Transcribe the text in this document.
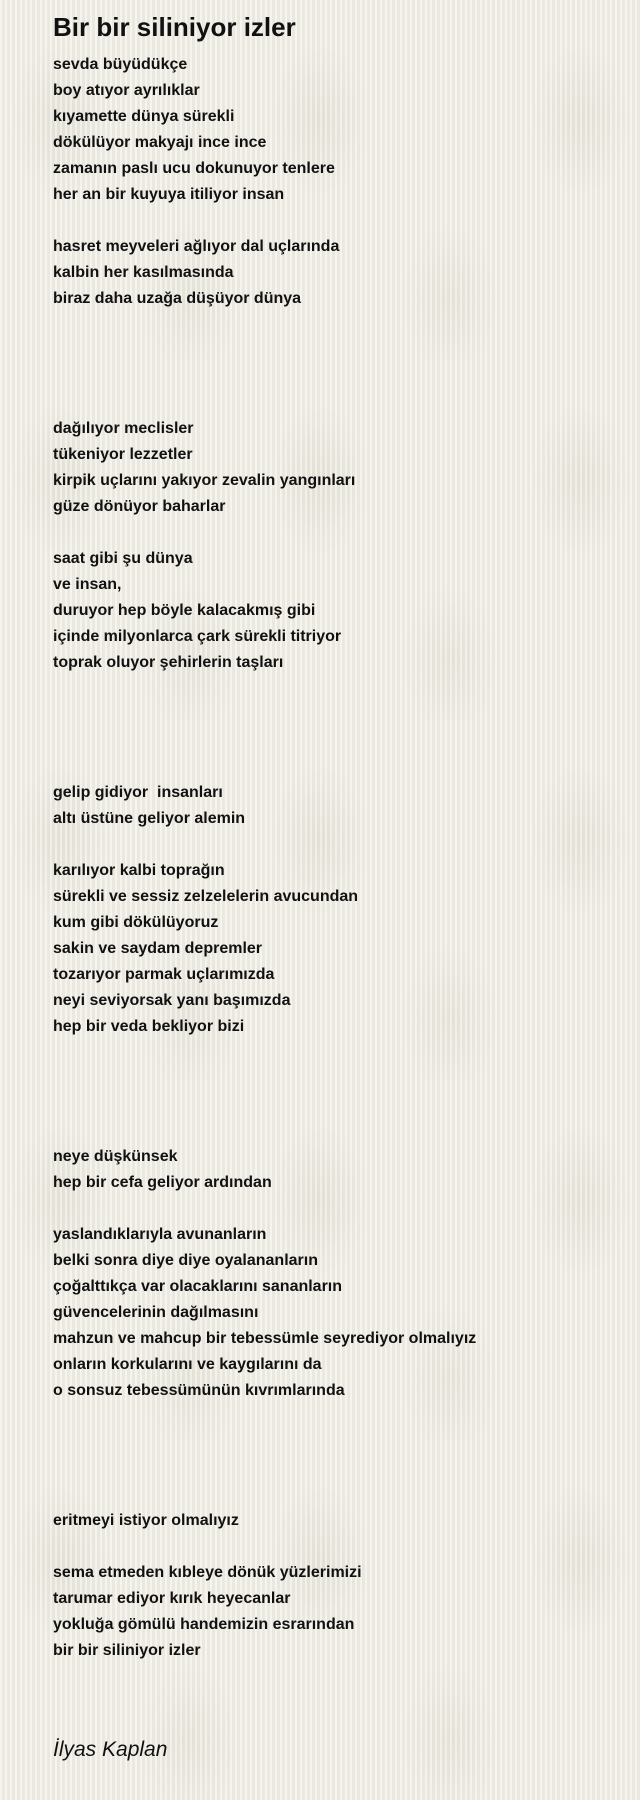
Bir bir siliniyor izler
sevda büyüdükçe
boy atıyor ayrılıklar
kıyamette dünya sürekli
dökülüyor makyajı ince ince
zamanın paslı ucu dokunuyor tenlere
her an bir kuyuya itiliyor insan
hasret meyveleri ağlıyor dal uçlarında
kalbin her kasılmasında
biraz daha uzağa düşüyor dünya
dağılıyor meclisler
tükeniyor lezzetler
kirpik uçlarını yakıyor zevalin yangınları
güze dönüyor baharlar
saat gibi şu dünya
ve insan,
duruyor hep böyle kalacakmış gibi
içinde milyonlarca çark sürekli titriyor
toprak oluyor şehirlerin taşları
gelip gidiyor  insanları
altı üstüne geliyor alemin
karılıyor kalbi toprağın
sürekli ve sessiz zelzelelerin avucundan
kum gibi dökülüyoruz
sakin ve saydam depremler
tozarıyor parmak uçlarımızda
neyi seviyorsak yanı başımızda
hep bir veda bekliyor bizi
neye düşkünsek
hep bir cefa geliyor ardından
yaslandıklarıyla avunanların
belki sonra diye diye oyalananların
çoğalttıkça var olacaklarını sananların
güvencelerinin dağılmasını
mahzun ve mahcup bir tebessümle seyrediyor olmalıyız
onların korkularını ve kaygılarını da
o sonsuz tebessümünün kıvrımlarında
eritmeyi istiyor olmalıyız
sema etmeden kıbleye dönük yüzlerimizi
tarumar ediyor kırık heyecanlar
yokluğa gömülü handemizin esrarından
bir bir siliniyor izler
İlyas Kaplan
